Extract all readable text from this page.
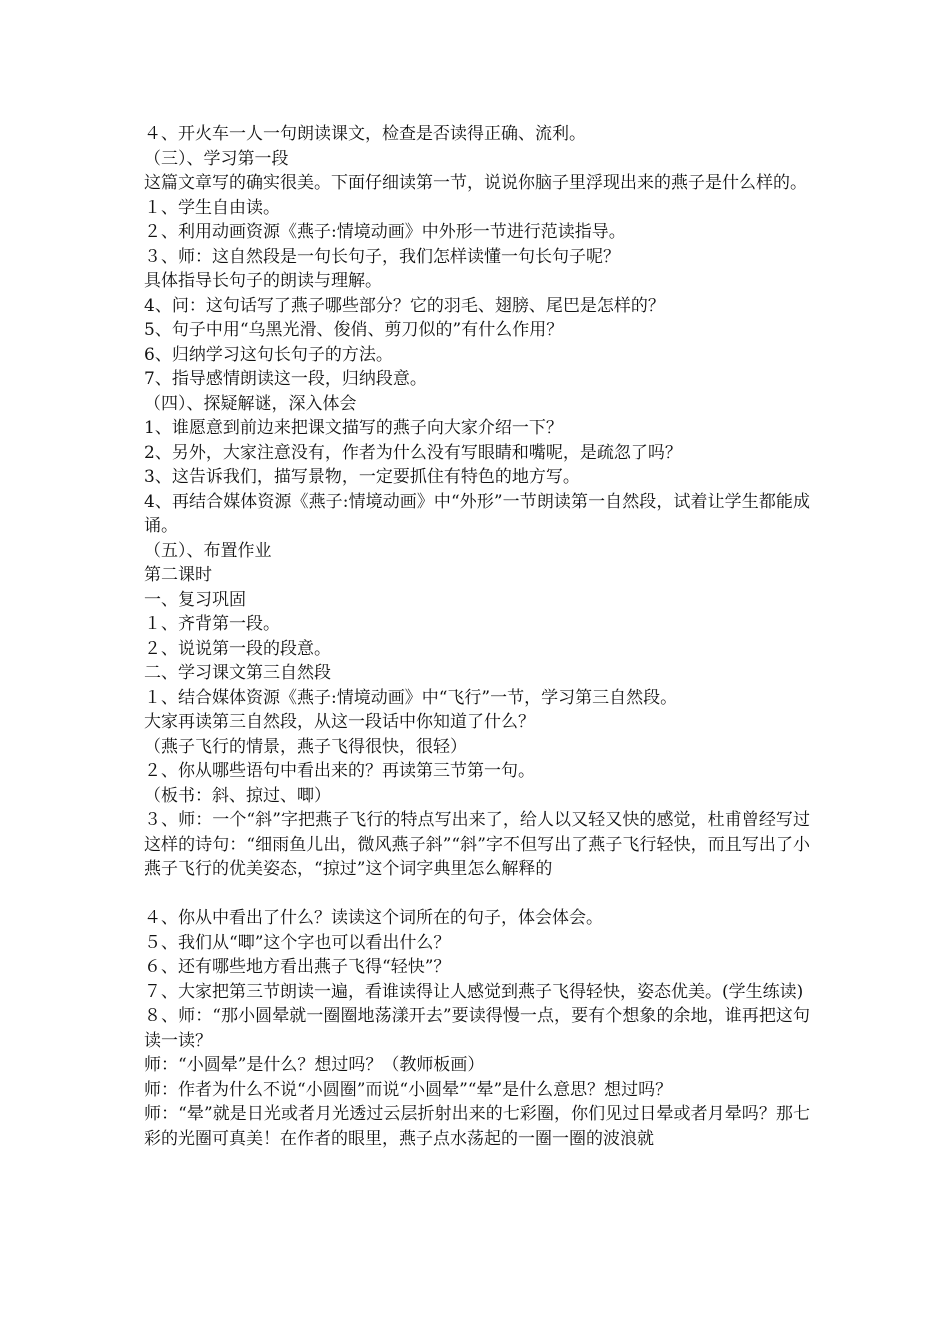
４、开火车一人一句朗读课文，检查是否读得正确、流利。

（三）、学习第一段

这篇文章写的确实很美。下面仔细读第一节，说说你脑子里浮现出来的燕子是什么样的。

１、学生自由读。

２、利用动画资源《燕子:情境动画》中外形一节进行范读指导。

３、师：这自然段是一句长句子，我们怎样读懂一句长句子呢？

具体指导长句子的朗读与理解。

4、问：这句话写了燕子哪些部分？它的羽毛、翅膀、尾巴是怎样的？

5、句子中用“乌黑光滑、俊俏、剪刀似的”有什么作用？

6、归纳学习这句长句子的方法。

7、指导感情朗读这一段，归纳段意。

（四）、探疑解谜，深入体会

1、谁愿意到前边来把课文描写的燕子向大家介绍一下？

2、另外，大家注意没有，作者为什么没有写眼睛和嘴呢，是疏忽了吗？

3、这告诉我们，描写景物，一定要抓住有特色的地方写。

4、再结合媒体资源《燕子:情境动画》中“外形”一节朗读第一自然段，试着让学生都能成诵。

（五）、布置作业

第二课时

一、复习巩固

１、齐背第一段。

２、说说第一段的段意。

二、学习课文第三自然段

１、结合媒体资源《燕子:情境动画》中“飞行”一节，学习第三自然段。

大家再读第三自然段，从这一段话中你知道了什么？

（燕子飞行的情景，燕子飞得很快，很轻）

２、你从哪些语句中看出来的？再读第三节第一句。

（板书：斜、掠过、唧）

３、师：一个“斜”字把燕子飞行的特点写出来了，给人以又轻又快的感觉，杜甫曾经写过这样的诗句：“细雨鱼儿出，微风燕子斜”“斜”字不但写出了燕子飞行轻快，而且写出了小燕子飞行的优美姿态，“掠过”这个词字典里怎么解释的

４、你从中看出了什么？读读这个词所在的句子，体会体会。

５、我们从“唧”这个字也可以看出什么？

６、还有哪些地方看出燕子飞得“轻快”？

７、大家把第三节朗读一遍，看谁读得让人感觉到燕子飞得轻快，姿态优美。(学生练读)

８、师：“那小圆晕就一圈圈地荡漾开去”要读得慢一点，要有个想象的余地，谁再把这句读一读？

师：“小圆晕”是什么？想过吗？（教师板画）

师：作者为什么不说“小圆圈”而说“小圆晕”“晕”是什么意思？想过吗？

师：“晕”就是日光或者月光透过云层折射出来的七彩圈，你们见过日晕或者月晕吗？那七彩的光圈可真美！在作者的眼里，燕子点水荡起的一圈一圈的波浪就
